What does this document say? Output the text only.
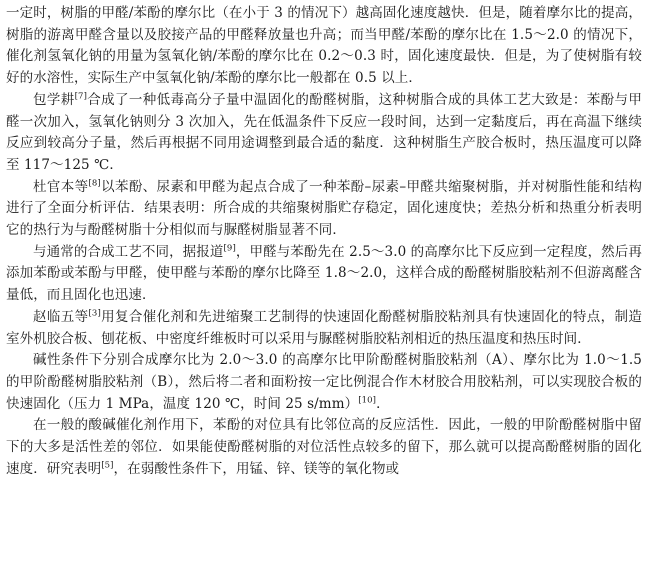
一定时，树脂的甲醛/苯酚的摩尔比（在小于 3 的情况下）越高固化速度越快．但是，随着摩尔比的提高，树脂的游离甲醛含量以及胶接产品的甲醛释放量也升高；而当甲醛/苯酚的摩尔比在 1.5～2.0 的情况下，催化剂氢氧化钠的用量为氢氧化钠/苯酚的摩尔比在 0.2～0.3 时，固化速度最快．但是，为了使树脂有较好的水溶性，实际生产中氢氧化钠/苯酚的摩尔比一般都在 0.5 以上．

包学耕[7]合成了一种低毒高分子量中温固化的酚醛树脂，这种树脂合成的具体工艺大致是：苯酚与甲醛一次加入，氢氧化钠则分 3 次加入，先在低温条件下反应一段时间，达到一定黏度后，再在高温下继续反应到较高分子量，然后再根据不同用途调整到最合适的黏度．这种树脂生产胶合板时，热压温度可以降至 117～125 ℃．

杜官本等[8]以苯酚、尿素和甲醛为起点合成了一种苯酚–尿素–甲醛共缩聚树脂，并对树脂性能和结构进行了全面分析评估．结果表明：所合成的共缩聚树脂贮存稳定，固化速度快；差热分析和热重分析表明它的热行为与酚醛树脂十分相似而与脲醛树脂显著不同．

与通常的合成工艺不同，据报道[9]，甲醛与苯酚先在 2.5～3.0 的高摩尔比下反应到一定程度，然后再添加苯酚或苯酚与甲醛，使甲醛与苯酚的摩尔比降至 1.8～2.0，这样合成的酚醛树脂胶粘剂不但游离醛含量低，而且固化也迅速．

赵临五等[3]用复合催化剂和先进缩聚工艺制得的快速固化酚醛树脂胶粘剂具有快速固化的特点，制造室外机胶合板、刨花板、中密度纤维板时可以采用与脲醛树脂胶粘剂相近的热压温度和热压时间．

碱性条件下分别合成摩尔比为 2.0～3.0 的高摩尔比甲阶酚醛树脂胶粘剂（A）、摩尔比为 1.0～1.5 的甲阶酚醛树脂胶粘剂（B），然后将二者和面粉按一定比例混合作木材胶合用胶粘剂，可以实现胶合板的快速固化（压力 1 MPa，温度 120 ℃，时间 25 s/mm）[10]．

在一般的酸碱催化剂作用下，苯酚的对位具有比邻位高的反应活性．因此，一般的甲阶酚醛树脂中留下的大多是活性差的邻位．如果能使酚醛树脂的对位活性点较多的留下，那么就可以提高酚醛树脂的固化速度．研究表明[5]，在弱酸性条件下，用锰、锌、镁等的氧化物或
